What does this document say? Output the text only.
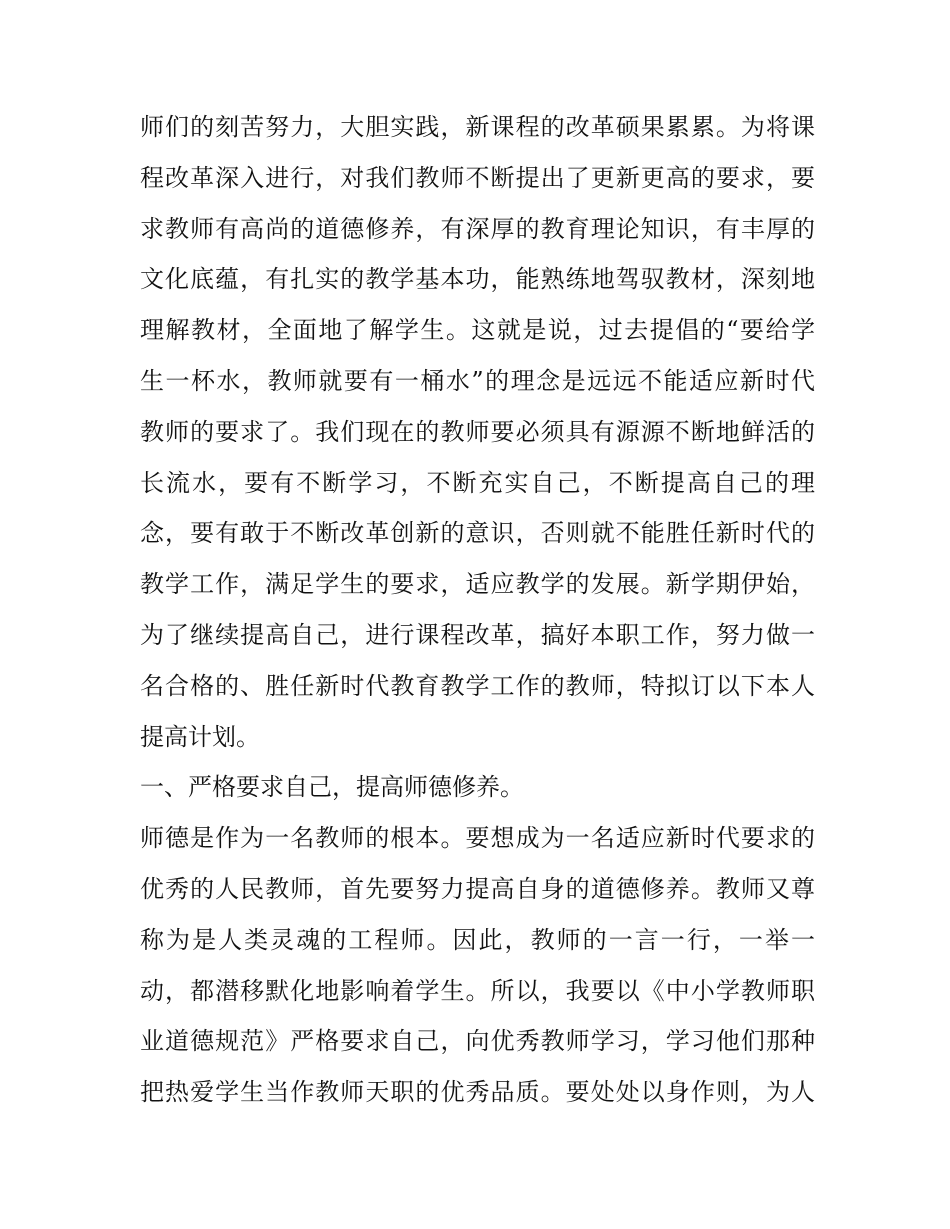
师们的刻苦努力，大胆实践，新课程的改革硕果累累。为将课
程改革深入进行，对我们教师不断提出了更新更高的要求，要
求教师有高尚的道德修养，有深厚的教育理论知识，有丰厚的
文化底蕴，有扎实的教学基本功，能熟练地驾驭教材，深刻地
理解教材，全面地了解学生。这就是说，过去提倡的“要给学
生一杯水，教师就要有一桶水”的理念是远远不能适应新时代
教师的要求了。我们现在的教师要必须具有源源不断地鲜活的
长流水，要有不断学习，不断充实自己，不断提高自己的理
念，要有敢于不断改革创新的意识，否则就不能胜任新时代的
教学工作，满足学生的要求，适应教学的发展。新学期伊始，
为了继续提高自己，进行课程改革，搞好本职工作，努力做一
名合格的、胜任新时代教育教学工作的教师，特拟订以下本人
提高计划。
一、严格要求自己，提高师德修养。
师德是作为一名教师的根本。要想成为一名适应新时代要求的
优秀的人民教师，首先要努力提高自身的道德修养。教师又尊
称为是人类灵魂的工程师。因此，教师的一言一行，一举一
动，都潜移默化地影响着学生。所以，我要以《中小学教师职
业道德规范》严格要求自己，向优秀教师学习，学习他们那种
把热爱学生当作教师天职的优秀品质。要处处以身作则，为人
